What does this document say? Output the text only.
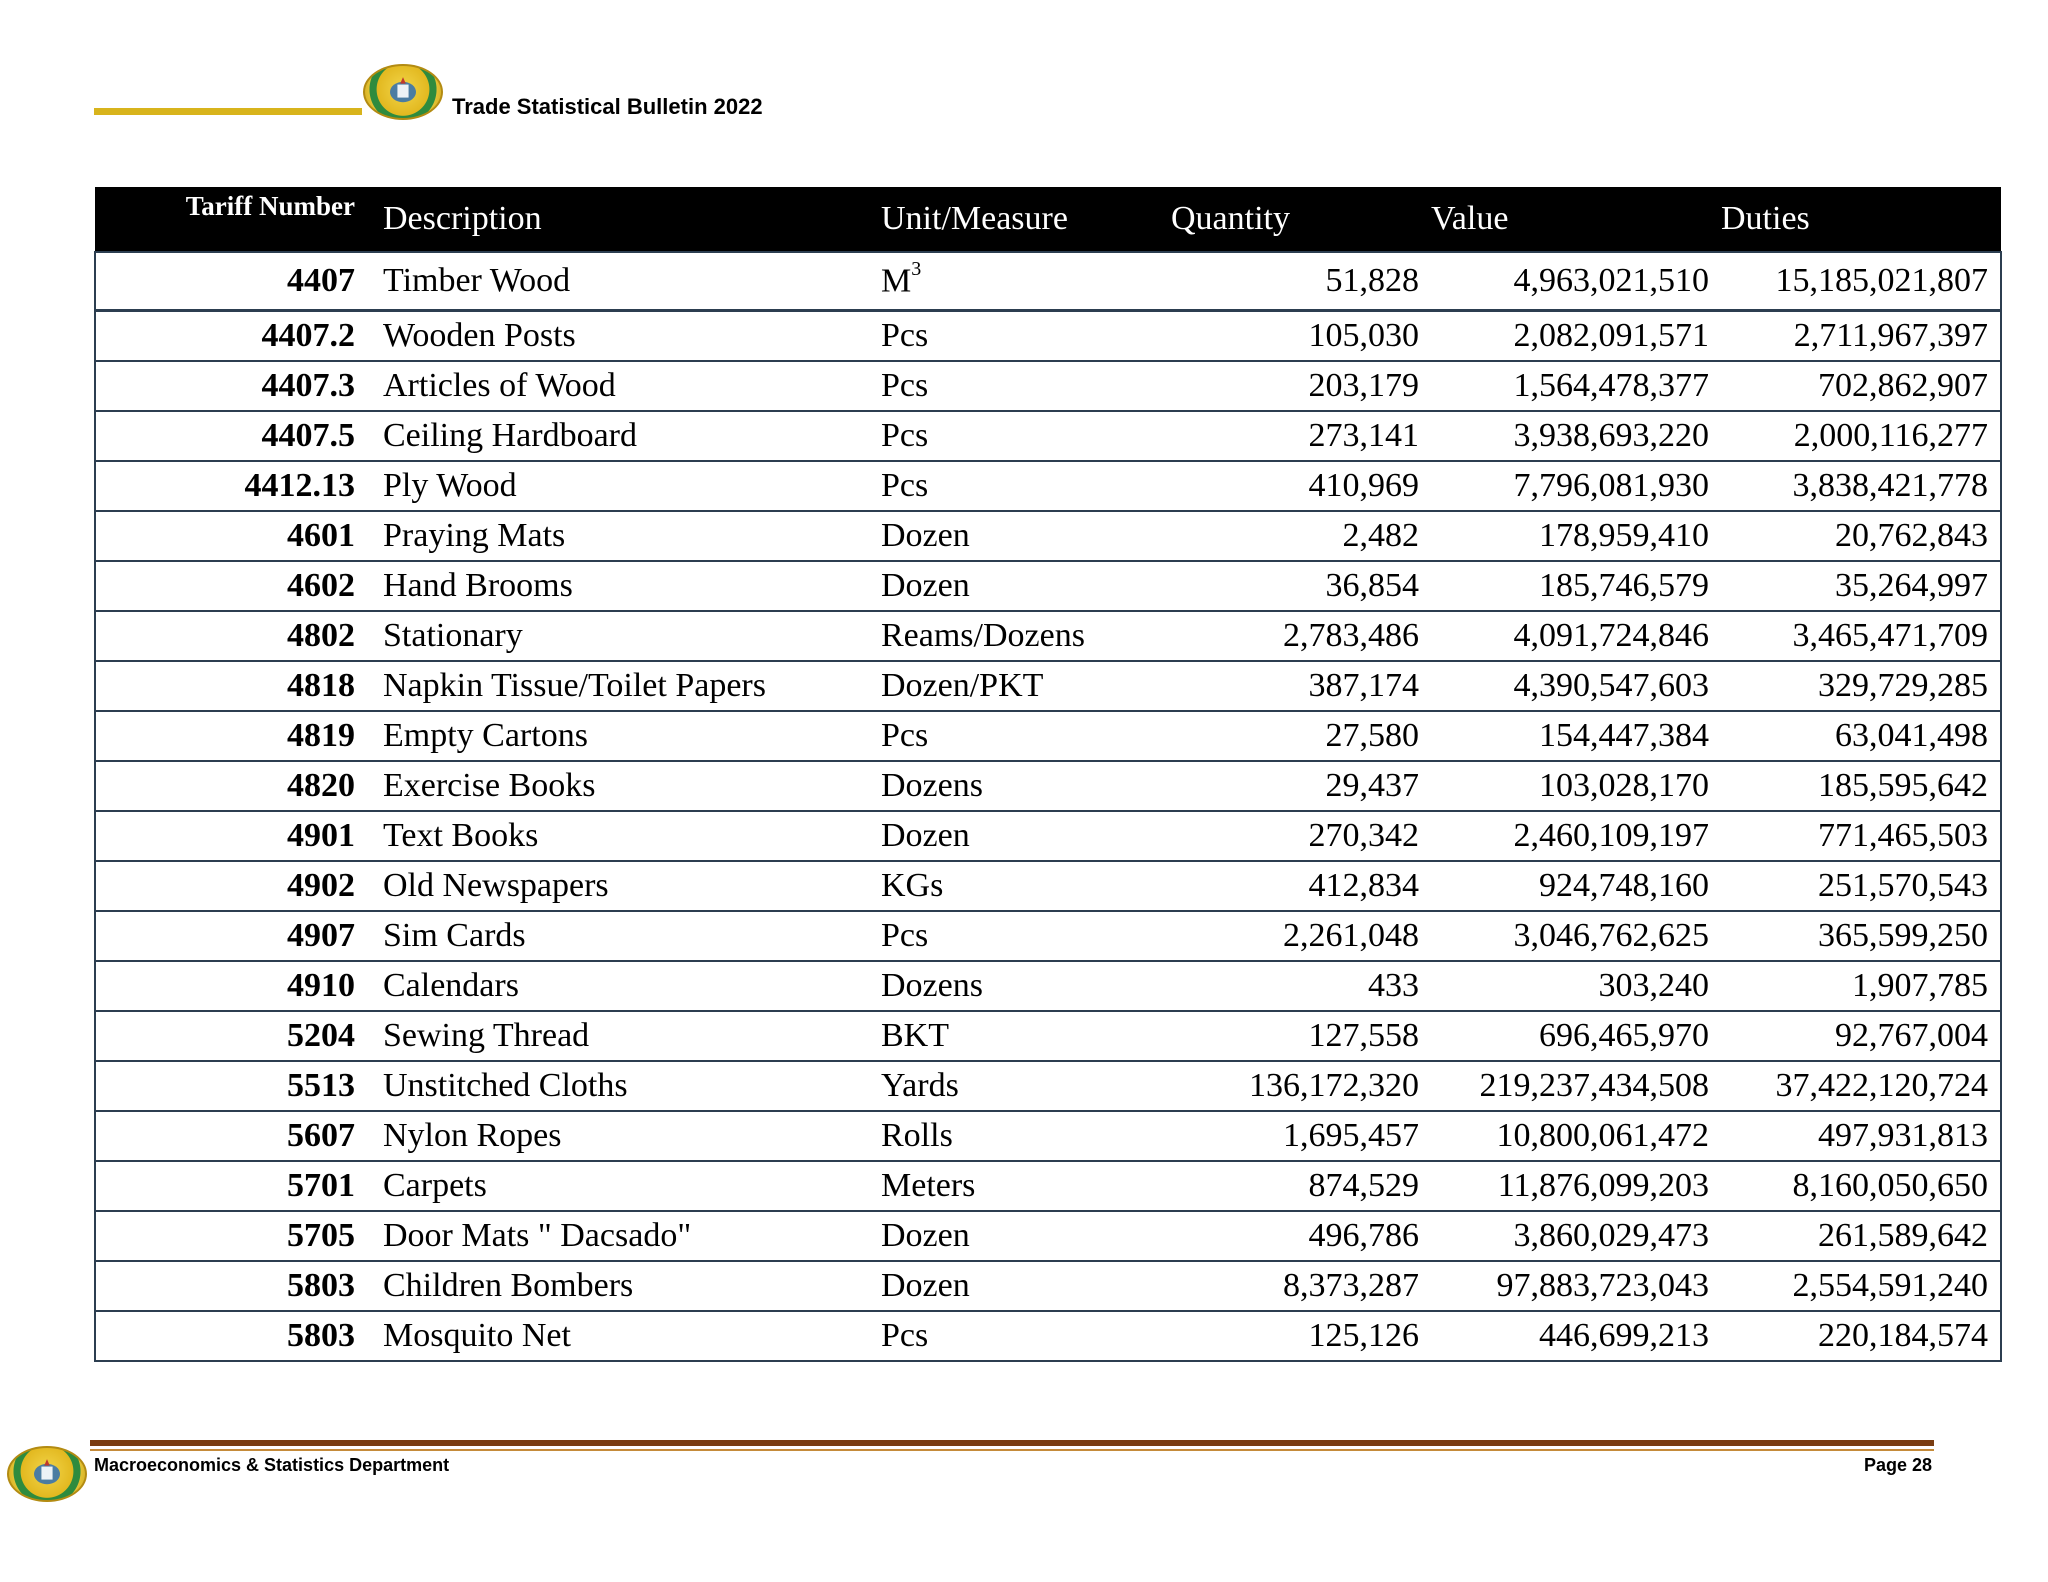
Trade Statistical Bulletin 2022
Tariff Number	Description	Unit/Measure	Quantity	Value	Duties
4407	Timber Wood	$M^3$	51,828	4,963,021,510	15,185,021,807
4407.2	Wooden Posts	Pcs	105,030	2,082,091,571	2,711,967,397
4407.3	Articles of Wood	Pcs	203,179	1,564,478,377	702,862,907
4407.5	Ceiling Hardboard	Pcs	273,141	3,938,693,220	2,000,116,277
4412.13	Ply Wood	Pcs	410,969	7,796,081,930	3,838,421,778
4601	Praying Mats	Dozen	2,482	178,959,410	20,762,843
4602	Hand Brooms	Dozen	36,854	185,746,579	35,264,997
4802	Stationary	Reams/Dozens	2,783,486	4,091,724,846	3,465,471,709
4818	Napkin Tissue/Toilet Papers	Dozen/PKT	387,174	4,390,547,603	329,729,285
4819	Empty Cartons	Pcs	27,580	154,447,384	63,041,498
4820	Exercise Books	Dozens	29,437	103,028,170	185,595,642
4901	Text Books	Dozen	270,342	2,460,109,197	771,465,503
4902	Old Newspapers	KGs	412,834	924,748,160	251,570,543
4907	Sim Cards	Pcs	2,261,048	3,046,762,625	365,599,250
4910	Calendars	Dozens	433	303,240	1,907,785
5204	Sewing Thread	BKT	127,558	696,465,970	92,767,004
5513	Unstitched Cloths	Yards	136,172,320	219,237,434,508	37,422,120,724
5607	Nylon Ropes	Rolls	1,695,457	10,800,061,472	497,931,813
5701	Carpets	Meters	874,529	11,876,099,203	8,160,050,650
5705	Door Mats " Dacsado"	Dozen	496,786	3,860,029,473	261,589,642
5803	Children Bombers	Dozen	8,373,287	97,883,723,043	2,554,591,240
5803	Mosquito Net	Pcs	125,126	446,699,213	220,184,574
Macroeconomics & Statistics Department	Page 28
